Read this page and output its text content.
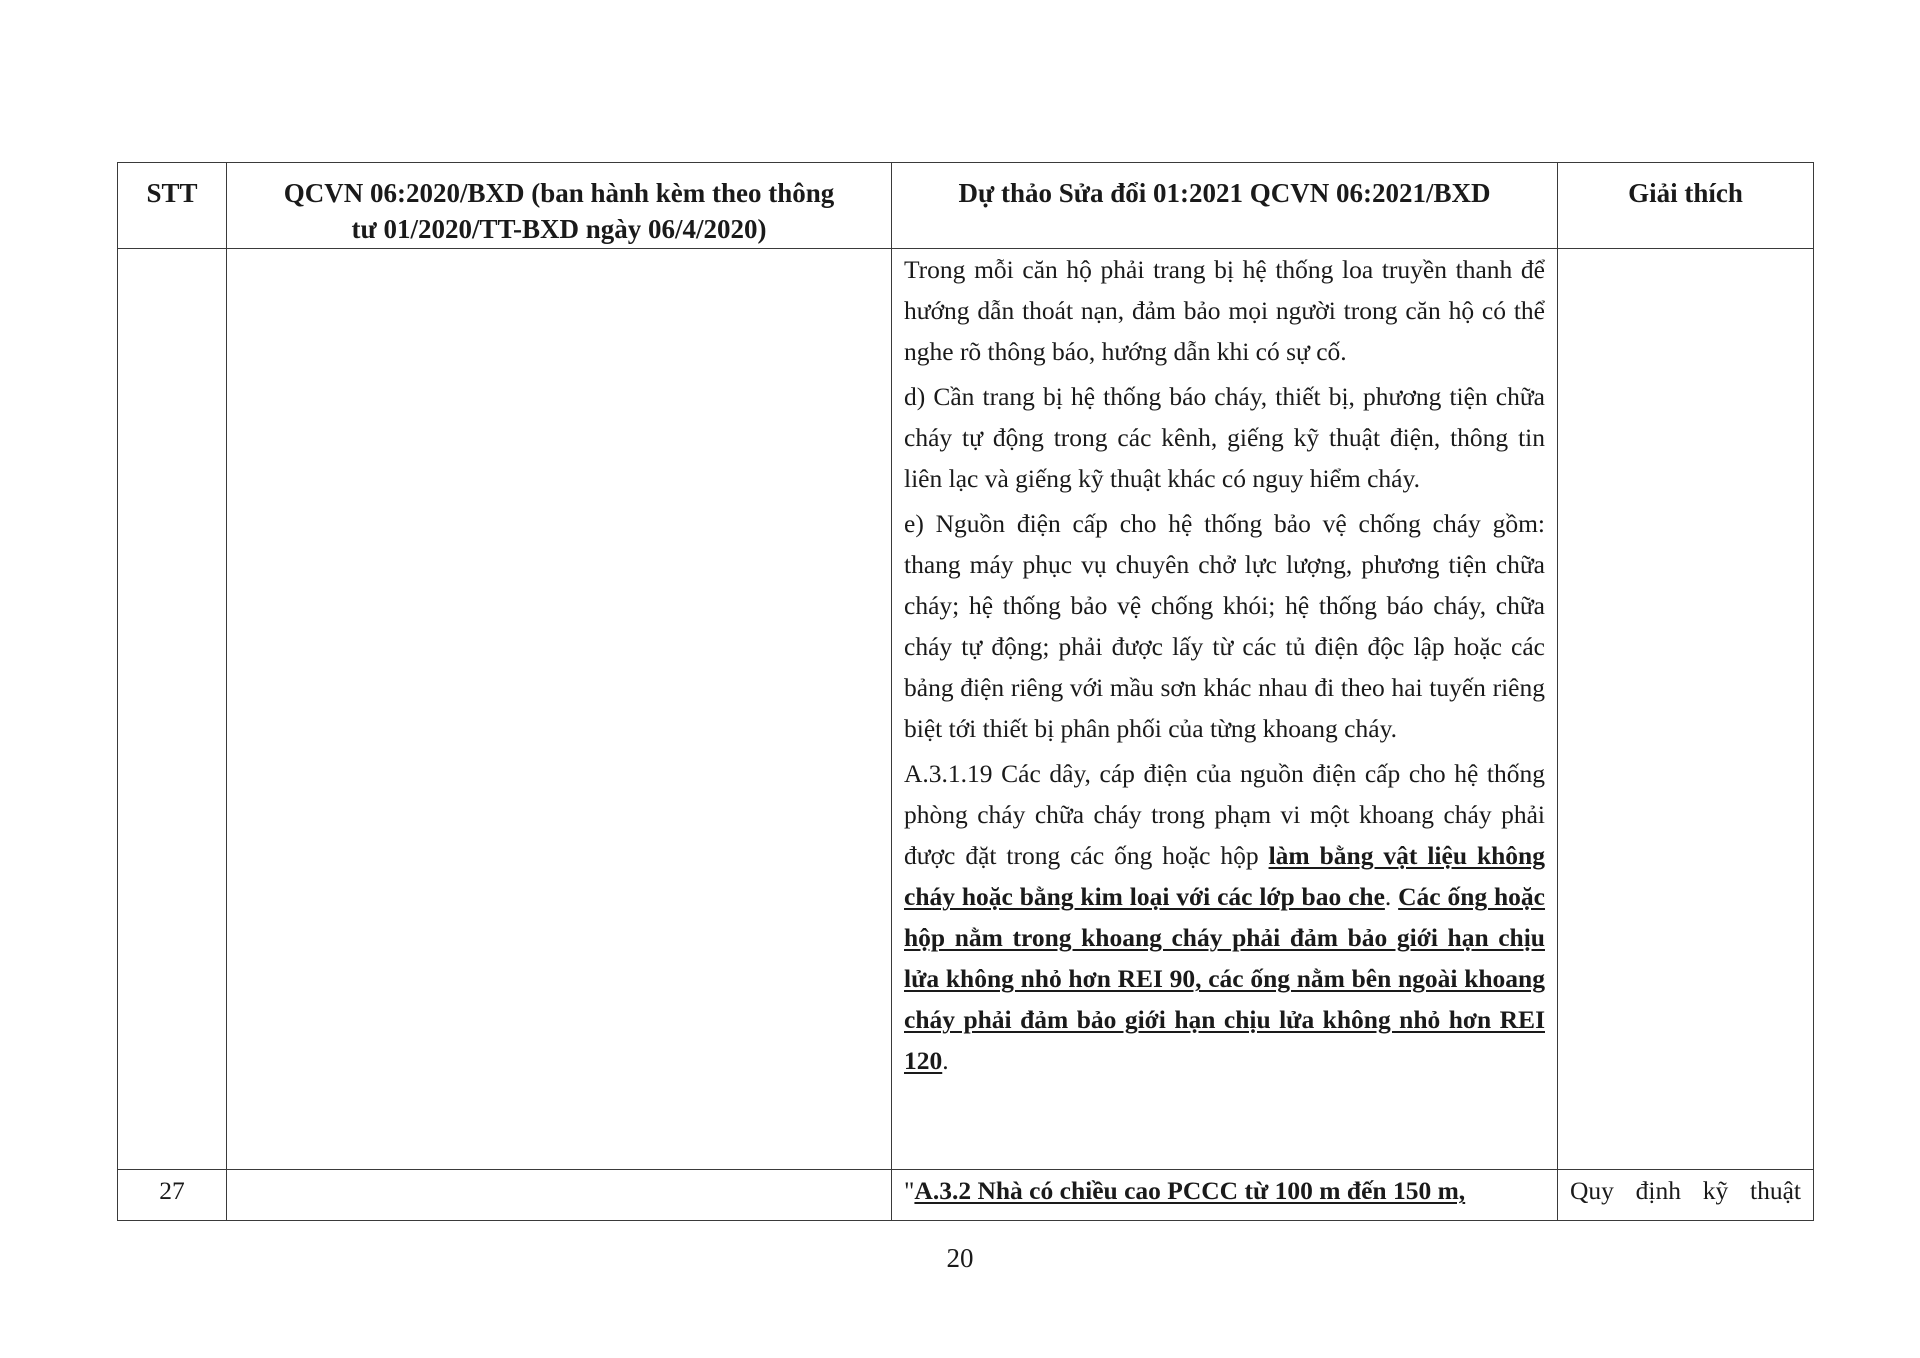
STT	QCVN 06:2020/BXD (ban hành kèm theo thông
tư 01/2020/TT-BXD ngày 06/4/2020)	Dự thảo Sửa đổi 01:2021 QCVN 06:2021/BXD	Giải thích

		Trong mỗi căn hộ phải trang bị hệ thống loa truyền thanh để hướng dẫn thoát nạn, đảm bảo mọi người trong căn hộ có thể nghe rõ thông báo, hướng dẫn khi có sự cố.

d) Cần trang bị hệ thống báo cháy, thiết bị, phương tiện chữa cháy tự động trong các kênh, giếng kỹ thuật điện, thông tin liên lạc và giếng kỹ thuật khác có nguy hiểm cháy.

e) Nguồn điện cấp cho hệ thống bảo vệ chống cháy gồm: thang máy phục vụ chuyên chở lực lượng, phương tiện chữa cháy; hệ thống bảo vệ chống khói; hệ thống báo cháy, chữa cháy tự động; phải được lấy từ các tủ điện độc lập hoặc các bảng điện riêng với mầu sơn khác nhau đi theo hai tuyến riêng biệt tới thiết bị phân phối của từng khoang cháy.

A.3.1.19 Các dây, cáp điện của nguồn điện cấp cho hệ thống phòng cháy chữa cháy trong phạm vi một khoang cháy phải được đặt trong các ống hoặc hộp làm bằng vật liệu không cháy hoặc bằng kim loại với các lớp bao che. Các ống hoặc hộp nằm trong khoang cháy phải đảm bảo giới hạn chịu lửa không nhỏ hơn REI 90, các ống nằm bên ngoài khoang cháy phải đảm bảo giới hạn chịu lửa không nhỏ hơn REI 120.	

27		"A.3.2 Nhà có chiều cao PCCC từ 100 m đến 150 m,	Quy định kỹ thuật
20
